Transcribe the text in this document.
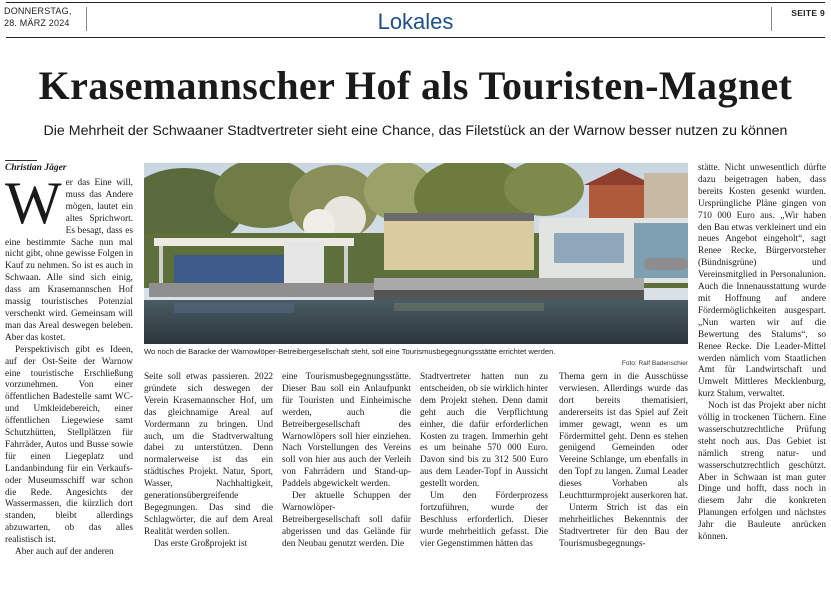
DONNERSTAG,
28. MÄRZ 2024	Lokales	SEITE 9
Krasemannscher Hof als Touristen-Magnet
Die Mehrheit der Schwaaner Stadtvertreter sieht eine Chance, das Filetstück an der Warnow besser nutzen zu können
Christian Jäger

Wer das Eine will, muss das Andere mögen, lautet ein altes Sprichwort. Es besagt, dass es eine bestimmte Sache nun mal nicht gibt, ohne gewisse Folgen in Kauf zu nehmen. So ist es auch in Schwaan. Alle sind sich einig, dass am Krasemannschen Hof massig touristisches Potenzial verschenkt wird. Gemeinsam will man das Areal deswegen beleben. Aber das kostet.

Perspektivisch gibt es Ideen, auf der Ost-Seite der Warnow eine touristische Erschließung vorzunehmen. Von einer öffentlichen Badestelle samt WC- und Umkleidebereich, einer öffentlichen Liegewiese samt Schutzhütten, Stellplätzen für Fahrräder, Autos und Busse sowie für einen Liegeplatz und Landanbindung für ein Verkaufs- oder Museumsschiff war schon die Rede. Angesichts der Wassermassen, die kürzlich dort standen, bleibt allerdings abzuwarten, ob das alles realistisch ist.

Aber auch auf der anderen

Wo noch die Baracke der Warnowlöper-Betreibergesellschaft steht, soll eine Tourismusbegegnungsstätte errichtet werden.
Foto: Ralf Badenschier

Seite soll etwas passieren. 2022 gründete sich deswegen der Verein Krasemannscher Hof, um das gleichnamige Areal auf Vordermann zu bringen. Und auch, um die Stadtverwaltung dabei zu unterstützen. Denn normalerweise ist das ein städtisches Projekt. Natur, Sport, Wasser, Nachhaltigkeit, generationsübergreifende Begegnungen. Das sind die Schlagwörter, die auf dem Areal Realität werden sollen.

Das erste Großprojekt ist

eine Tourismusbegegnungsstätte. Dieser Bau soll ein Anlaufpunkt für Touristen und Einheimische werden, auch die Betreibergesellschaft des Warnowlöpers soll hier einziehen. Nach Vorstellungen des Vereins soll von hier aus auch der Verleih von Fahrrädern und Stand-up-Paddels abgewickelt werden.

Der aktuelle Schuppen der Warnowlöper-Betreibergesellschaft soll dafür abgerissen und das Gelände für den Neubau genutzt werden. Die

Stadtvertreter hatten nun zu entscheiden, ob sie wirklich hinter dem Projekt stehen. Denn damit geht auch die Verpflichtung einher, die dafür erforderlichen Kosten zu tragen. Immerhin geht es um beinahe 570 000 Euro. Davon sind bis zu 312 500 Euro aus dem Leader-Topf in Aussicht gestellt worden.

Um den Förderprozess fortzuführen, wurde der Beschluss erforderlich. Dieser wurde mehrheitlich gefasst. Die vier Gegenstimmen hätten das

Thema gern in die Ausschüsse verwiesen. Allerdings wurde das dort bereits thematisiert, andererseits ist das Spiel auf Zeit immer gewagt, wenn es um Fördermittel geht. Denn es stehen genügend Gemeinden oder Vereine Schlange, um ebenfalls in den Topf zu langen. Zumal Leader dieses Vorhaben als Leuchtturmprojekt auserkoren hat.

Unterm Strich ist das ein mehrheitliches Bekenntnis der Stadtvertreter für den Bau der Tourismusbegegnungs-

stätte. Nicht unwesentlich dürfte dazu beigetragen haben, dass bereits Kosten gesenkt wurden. Ursprüngliche Pläne gingen von 710 000 Euro aus. „Wir haben den Bau etwas verkleinert und ein neues Angebot eingeholt“, sagt Renee Recke, Bürgervorsteher (Bündnisgrüne) und Vereinsmitglied in Personalunion. Auch die Innenausstattung wurde mit Hoffnung auf andere Fördermöglichkeiten ausgespart. „Nun warten wir auf die Bewertung des Stalums“, so Renee Recke. Die Leader-Mittel werden nämlich vom Staatlichen Amt für Landwirtschaft und Umwelt Mittleres Mecklenburg, kurz Stalum, verwaltet.

Noch ist das Projekt aber nicht völlig in trockenen Tüchern. Eine wasserschutzrechtliche Prüfung steht noch aus. Das Gebiet ist nämlich streng natur- und wasserschutzrechtlich geschützt. Aber in Schwaan ist man guter Dinge und hofft, dass noch in diesem Jahr die konkreten Planungen erfolgen und nächstes Jahr die Bauleute anrücken können.
